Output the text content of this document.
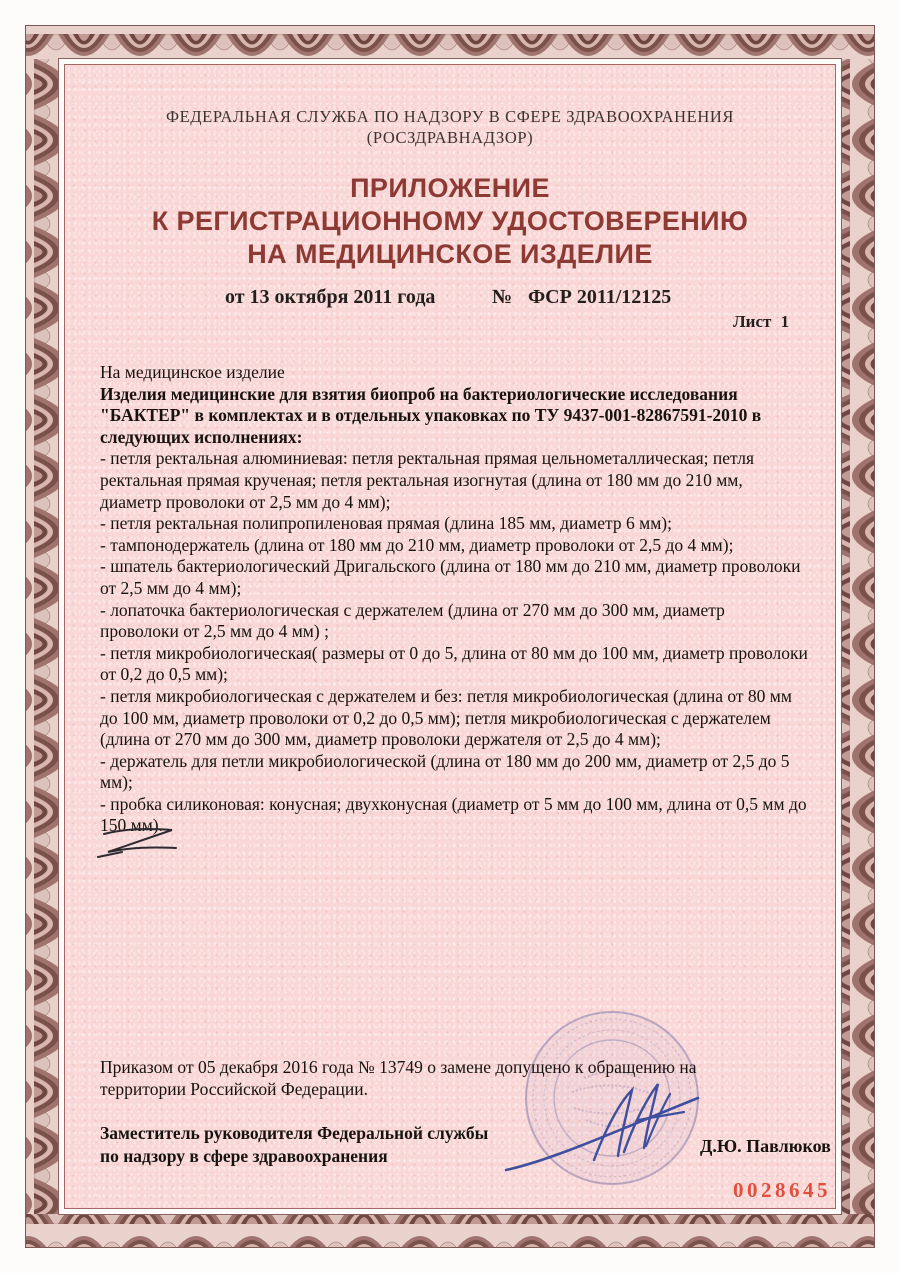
ФЕДЕРАЛЬНАЯ СЛУЖБА ПО НАДЗОРУ В СФЕРЕ ЗДРАВООХРАНЕНИЯ
(РОСЗДРАВНАДЗОР)
ПРИЛОЖЕНИЕ
К РЕГИСТРАЦИОННОМУ УДОСТОВЕРЕНИЮ
НА МЕДИЦИНСКОЕ ИЗДЕЛИЕ
от 13 октября 2011 года	№ ФСР 2011/12125
Лист 1

На медицинское изделие

Изделия медицинские для взятия биопроб на бактериологические исследования "БАКТЕР" в комплектах и в отдельных упаковках по ТУ 9437-001-82867591-2010 в следующих исполнениях:

- петля ректальная алюминиевая: петля ректальная прямая цельнометаллическая; петля ректальная прямая крученая; петля ректальная изогнутая (длина от 180 мм до 210 мм, диаметр проволоки от 2,5 мм до 4 мм);

- петля ректальная полипропиленовая прямая (длина 185 мм, диаметр 6 мм);

- тампонодержатель (длина от 180 мм до 210 мм, диаметр проволоки от 2,5 до 4 мм);

- шпатель бактериологический Дригальского (длина от 180 мм до 210 мм, диаметр проволоки от 2,5 мм до 4 мм);

- лопаточка бактериологическая с держателем (длина от 270 мм до 300 мм, диаметр проволоки от 2,5 мм до 4 мм) ;

- петля микробиологическая( размеры от 0 до 5, длина от 80 мм до 100 мм, диаметр проволоки от 0,2 до 0,5 мм);

- петля микробиологическая с держателем и без: петля микробиологическая (длина от 80 мм до 100 мм, диаметр проволоки от 0,2 до 0,5 мм); петля микробиологическая с держателем (длина от 270 мм до 300 мм, диаметр проволоки держателя от 2,5 до 4 мм);

- держатель для петли микробиологической (длина от 180 мм до 200 мм, диаметр от 2,5 до 5 мм);

- пробка силиконовая: конусная; двухконусная (диаметр от 5 мм до 100 мм, длина от 0,5 мм до 150 мм).

Приказом от 05 декабря 2016 года № 13749 о замене допущено к обращению на территории Российской Федерации.
Заместитель руководителя Федеральной службы
по надзору в сфере здравоохранения	Д.Ю. Павлюков
0028645
